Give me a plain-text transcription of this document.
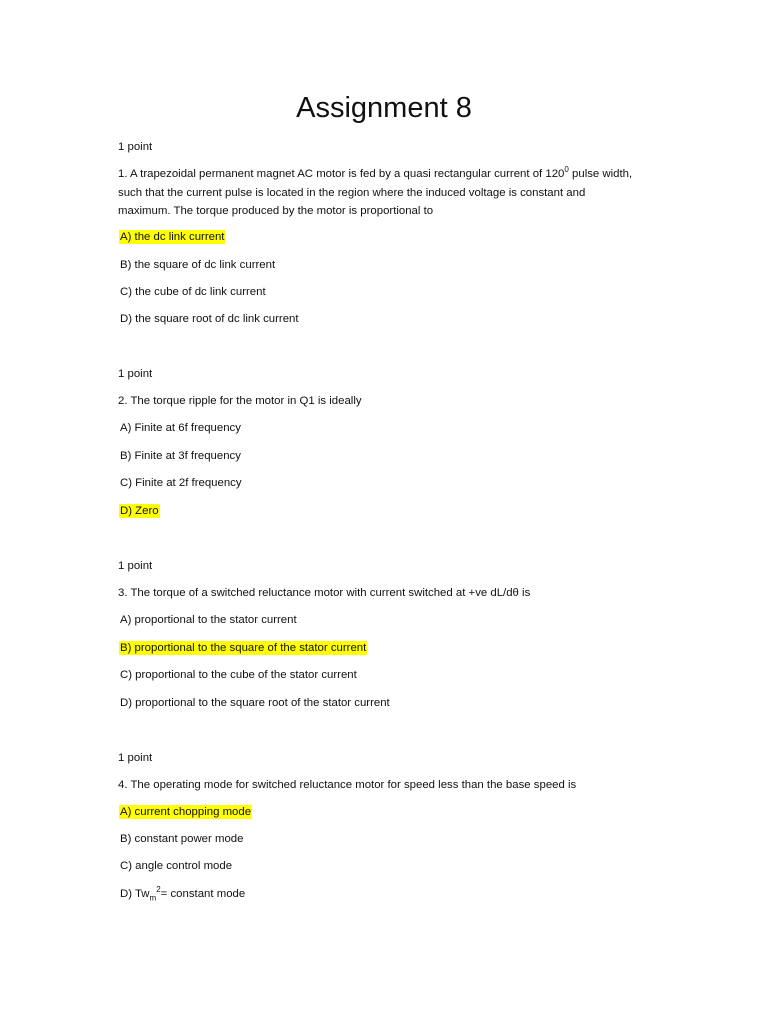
Assignment 8
1 point
1. A trapezoidal permanent magnet AC motor is fed by a quasi rectangular current of $120^0$ pulse width, such that the current pulse is located in the region where the induced voltage is constant and maximum. The torque produced by the motor is proportional to
A) the dc link current
B) the square of dc link current
C) the cube of dc link current
D) the square root of dc link current
1 point
2. The torque ripple for the motor in Q1 is ideally
A) Finite at 6f frequency
B) Finite at 3f frequency
C) Finite at 2f frequency
D) Zero
1 point
3. The torque of a switched reluctance motor with current switched at +ve dL/dθ is
A) proportional to the stator current
B) proportional to the square of the stator current
C) proportional to the cube of the stator current
D) proportional to the square root of the stator current
1 point
4. The operating mode for switched reluctance motor for speed less than the base speed is
A) current chopping mode
B) constant power mode
C) angle control mode
D) $Tw_m^2=$ constant mode
